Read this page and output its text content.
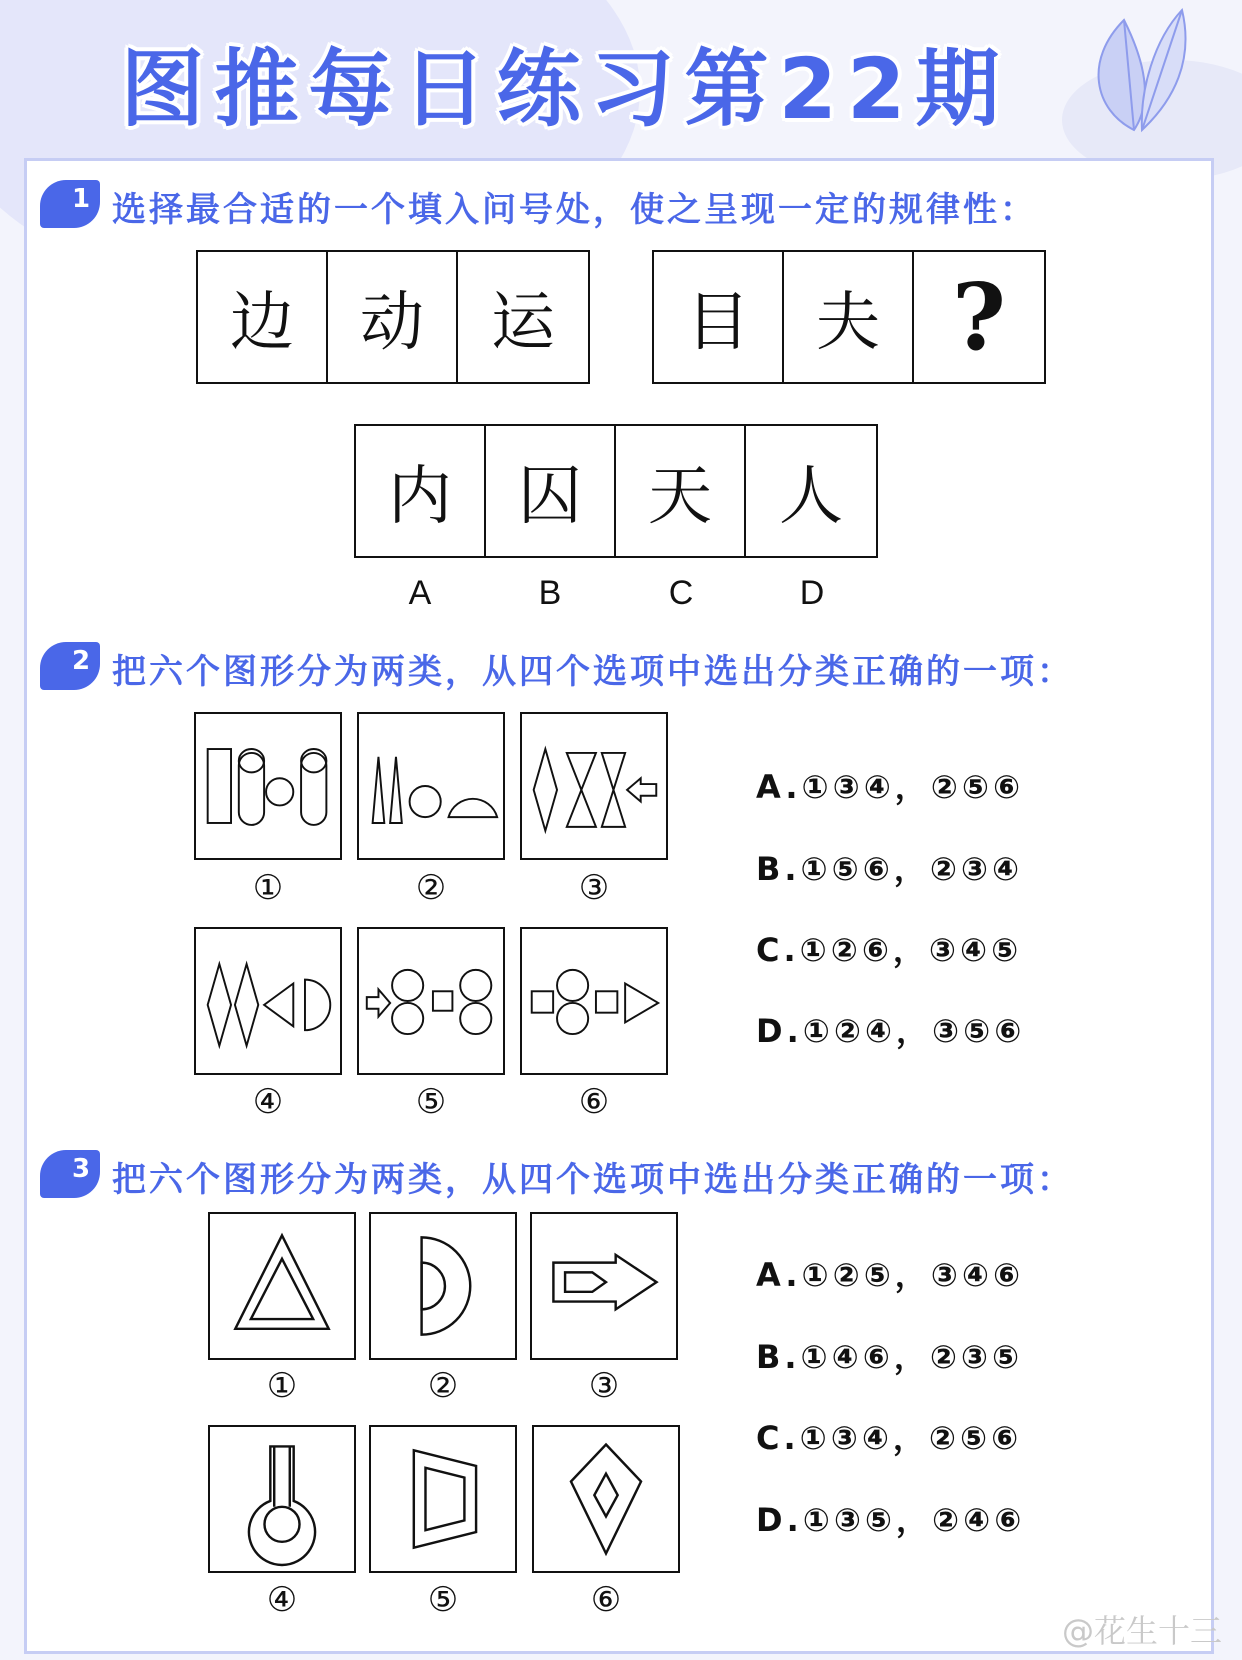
图推每日练习第22期
1 选择最合适的一个填入问号处，使之呈现一定的规律性：
边	动	运	目	夫 ?
内	囚	天	人
A	B	C	D
2 把六个图形分为两类，从四个选项中选出分类正确的一项：
①	②	③
④	⑤	⑥
A.①③④，②⑤⑥
B.①⑤⑥，②③④
C.①②⑥，③④⑤
D.①②④，③⑤⑥
3 把六个图形分为两类，从四个选项中选出分类正确的一项：
①	②	③
④	⑤	⑥
A.①②⑤，③④⑥
B.①④⑥，②③⑤
C.①③④，②⑤⑥
D.①③⑤，②④⑥
@花生十三
